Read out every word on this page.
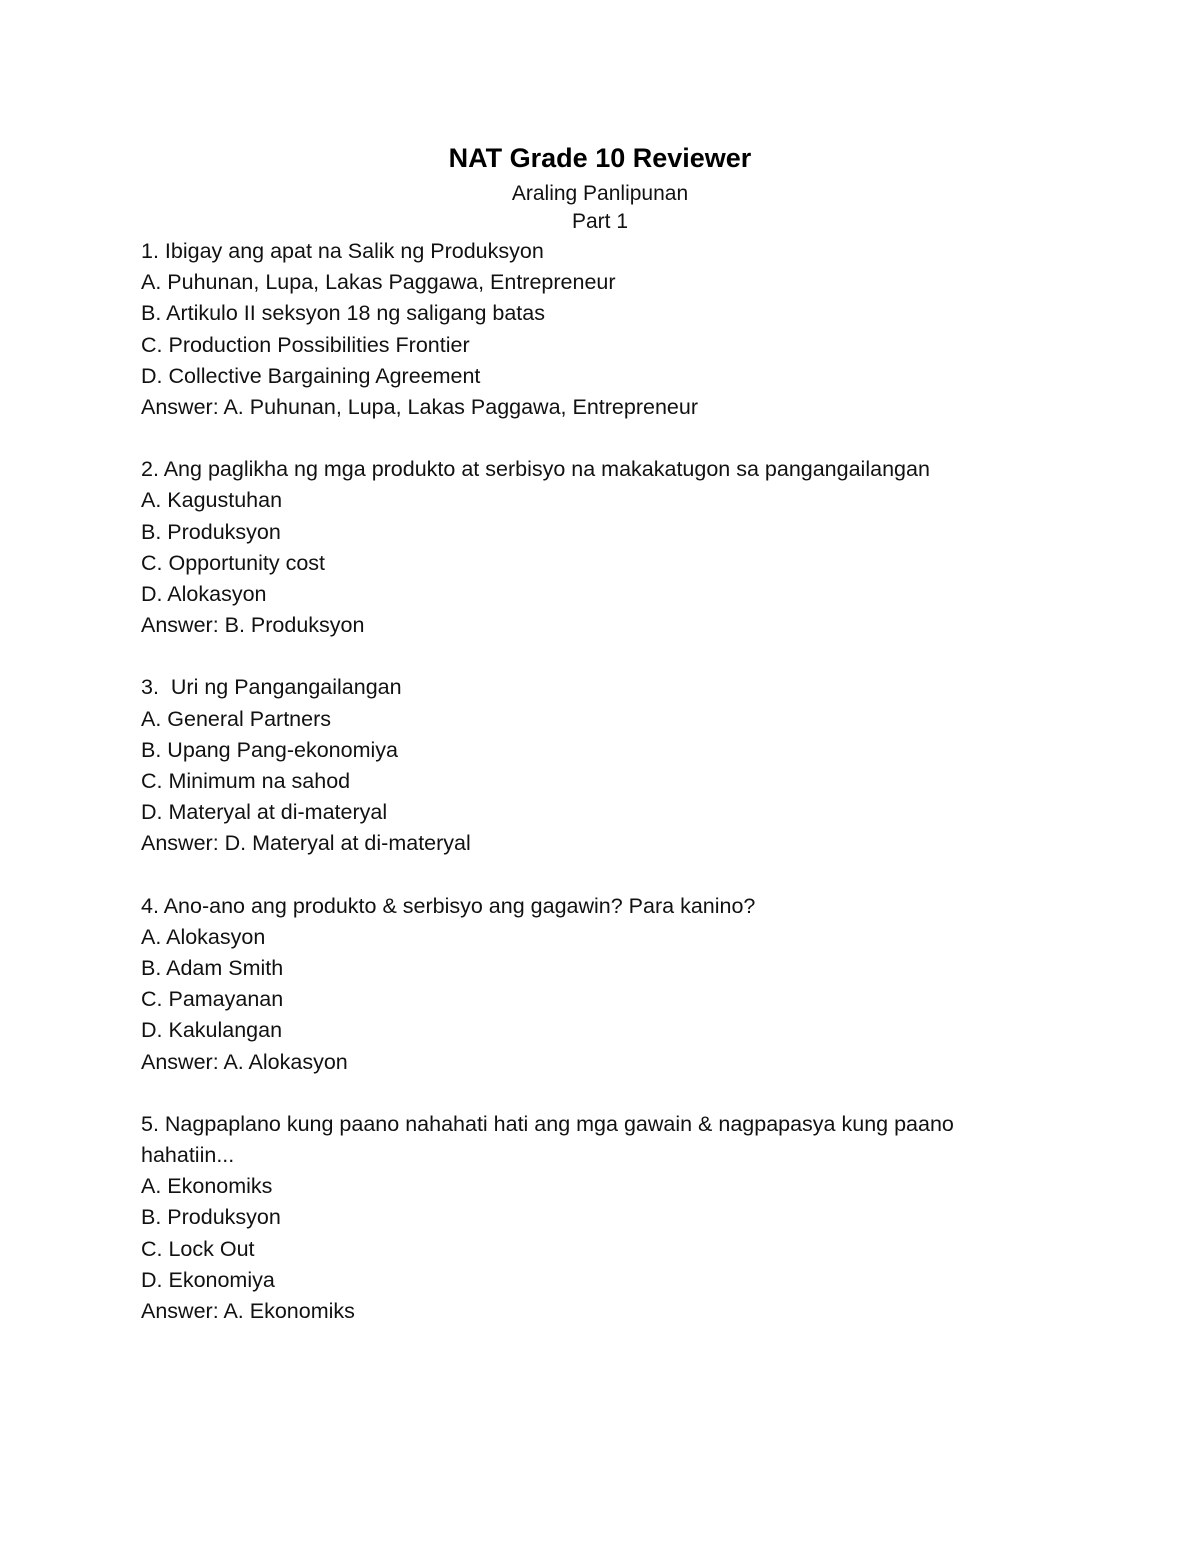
NAT Grade 10 Reviewer
Araling Panlipunan
Part 1
1. Ibigay ang apat na Salik ng Produksyon
A. Puhunan, Lupa, Lakas Paggawa, Entrepreneur
B. Artikulo II seksyon 18 ng saligang batas
C. Production Possibilities Frontier
D. Collective Bargaining Agreement
Answer: A. Puhunan, Lupa, Lakas Paggawa, Entrepreneur
2. Ang paglikha ng mga produkto at serbisyo na makakatugon sa pangangailangan
A. Kagustuhan
B. Produksyon
C. Opportunity cost
D. Alokasyon
Answer: B. Produksyon
3.  Uri ng Pangangailangan
A. General Partners
B. Upang Pang-ekonomiya
C. Minimum na sahod
D. Materyal at di-materyal
Answer: D. Materyal at di-materyal
4. Ano-ano ang produkto & serbisyo ang gagawin? Para kanino?
A. Alokasyon
B. Adam Smith
C. Pamayanan
D. Kakulangan
Answer: A. Alokasyon
5. Nagpaplano kung paano nahahati hati ang mga gawain & nagpapasya kung paano
hahatiin...
A. Ekonomiks
B. Produksyon
C. Lock Out
D. Ekonomiya
Answer: A. Ekonomiks
